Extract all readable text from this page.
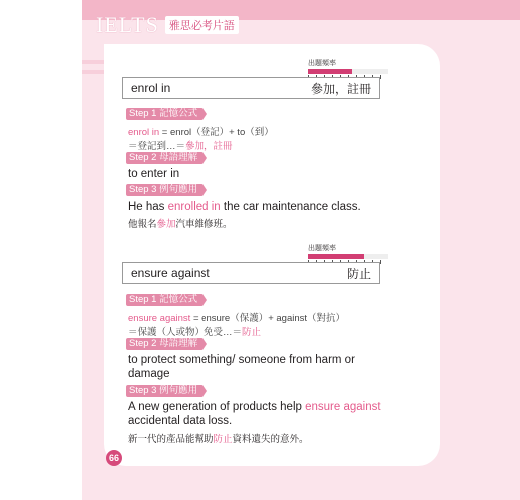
IELTS 雅思必考片語
出題頻率
enrol in	參加，註冊
Step 1 記憶公式
enrol in = enrol（登記）+ to（到）
＝登記到…＝參加，註冊
Step 2 母語理解
to enter in
Step 3 例句應用
He has enrolled in the car maintenance class.
他報名參加汽車維修班。
出題頻率
ensure against	防止
Step 1 記憶公式
ensure against = ensure（保護）+ against（對抗）
＝保護（人或物）免受…＝防止
Step 2 母語理解
to protect something/ someone from harm or
damage
Step 3 例句應用
A new generation of products help ensure against
accidental data loss.
新一代的產品能幫助防止資料遺失的意外。
66
